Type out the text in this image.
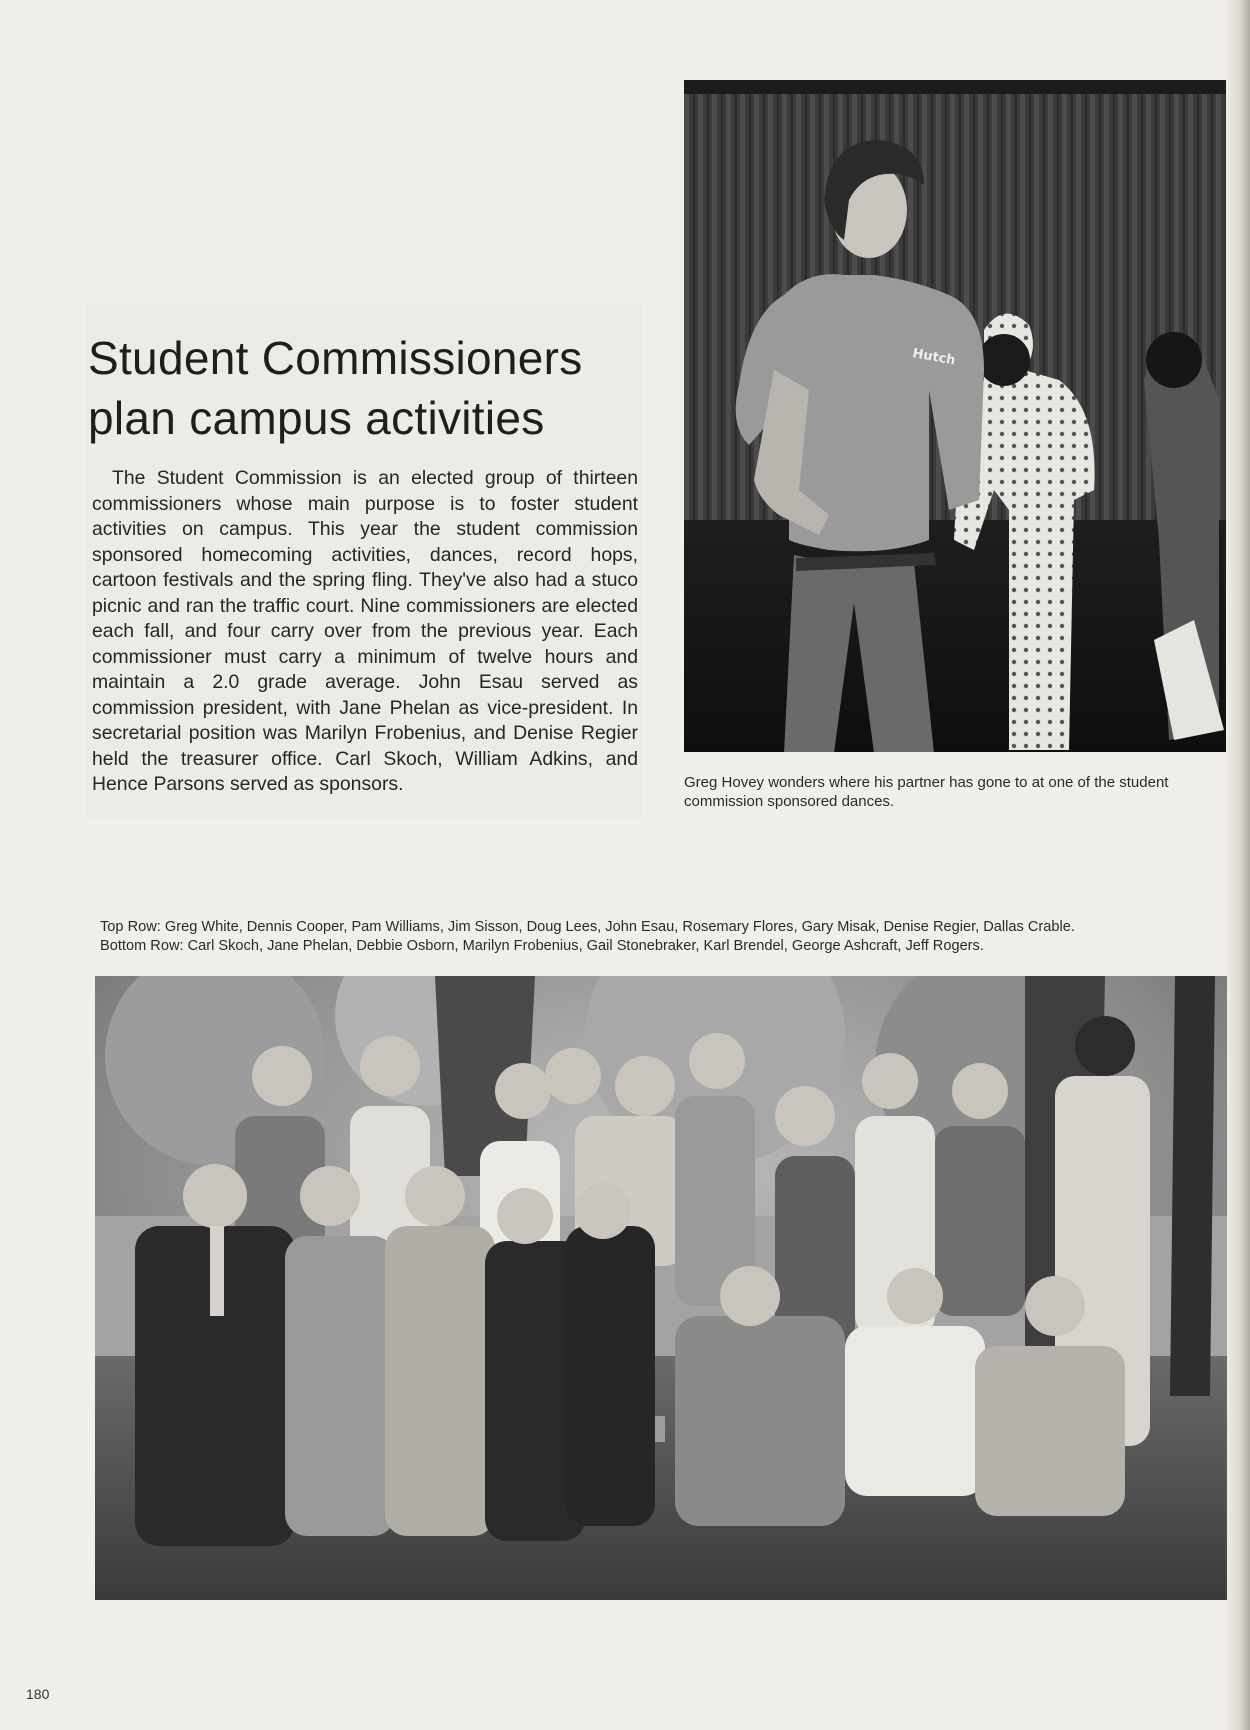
Student Commissioners
plan campus activities

The Student Commission is an elected group of thirteen commissioners whose main purpose is to foster student activities on campus. This year the student commission sponsored homecoming activities, dances, record hops, cartoon festivals and the spring fling. They've also had a stuco picnic and ran the traffic court. Nine commissioners are elected each fall, and four carry over from the previous year. Each commissioner must carry a minimum of twelve hours and maintain a 2.0 grade average. John Esau served as commission president, with Jane Phelan as vice-president. In secretarial position was Marilyn Frobenius, and Denise Regier held the treasurer office. Carl Skoch, William Adkins, and Hence Parsons served as sponsors.

Hutch

Greg Hovey wonders where his partner has gone to at one of the student commission sponsored dances.

Top Row: Greg White, Dennis Cooper, Pam Williams, Jim Sisson, Doug Lees, John Esau, Rosemary Flores, Gary Misak, Denise Regier, Dallas Crable.
Bottom Row: Carl Skoch, Jane Phelan, Debbie Osborn, Marilyn Frobenius, Gail Stonebraker, Karl Brendel, George Ashcraft, Jeff Rogers.
180
